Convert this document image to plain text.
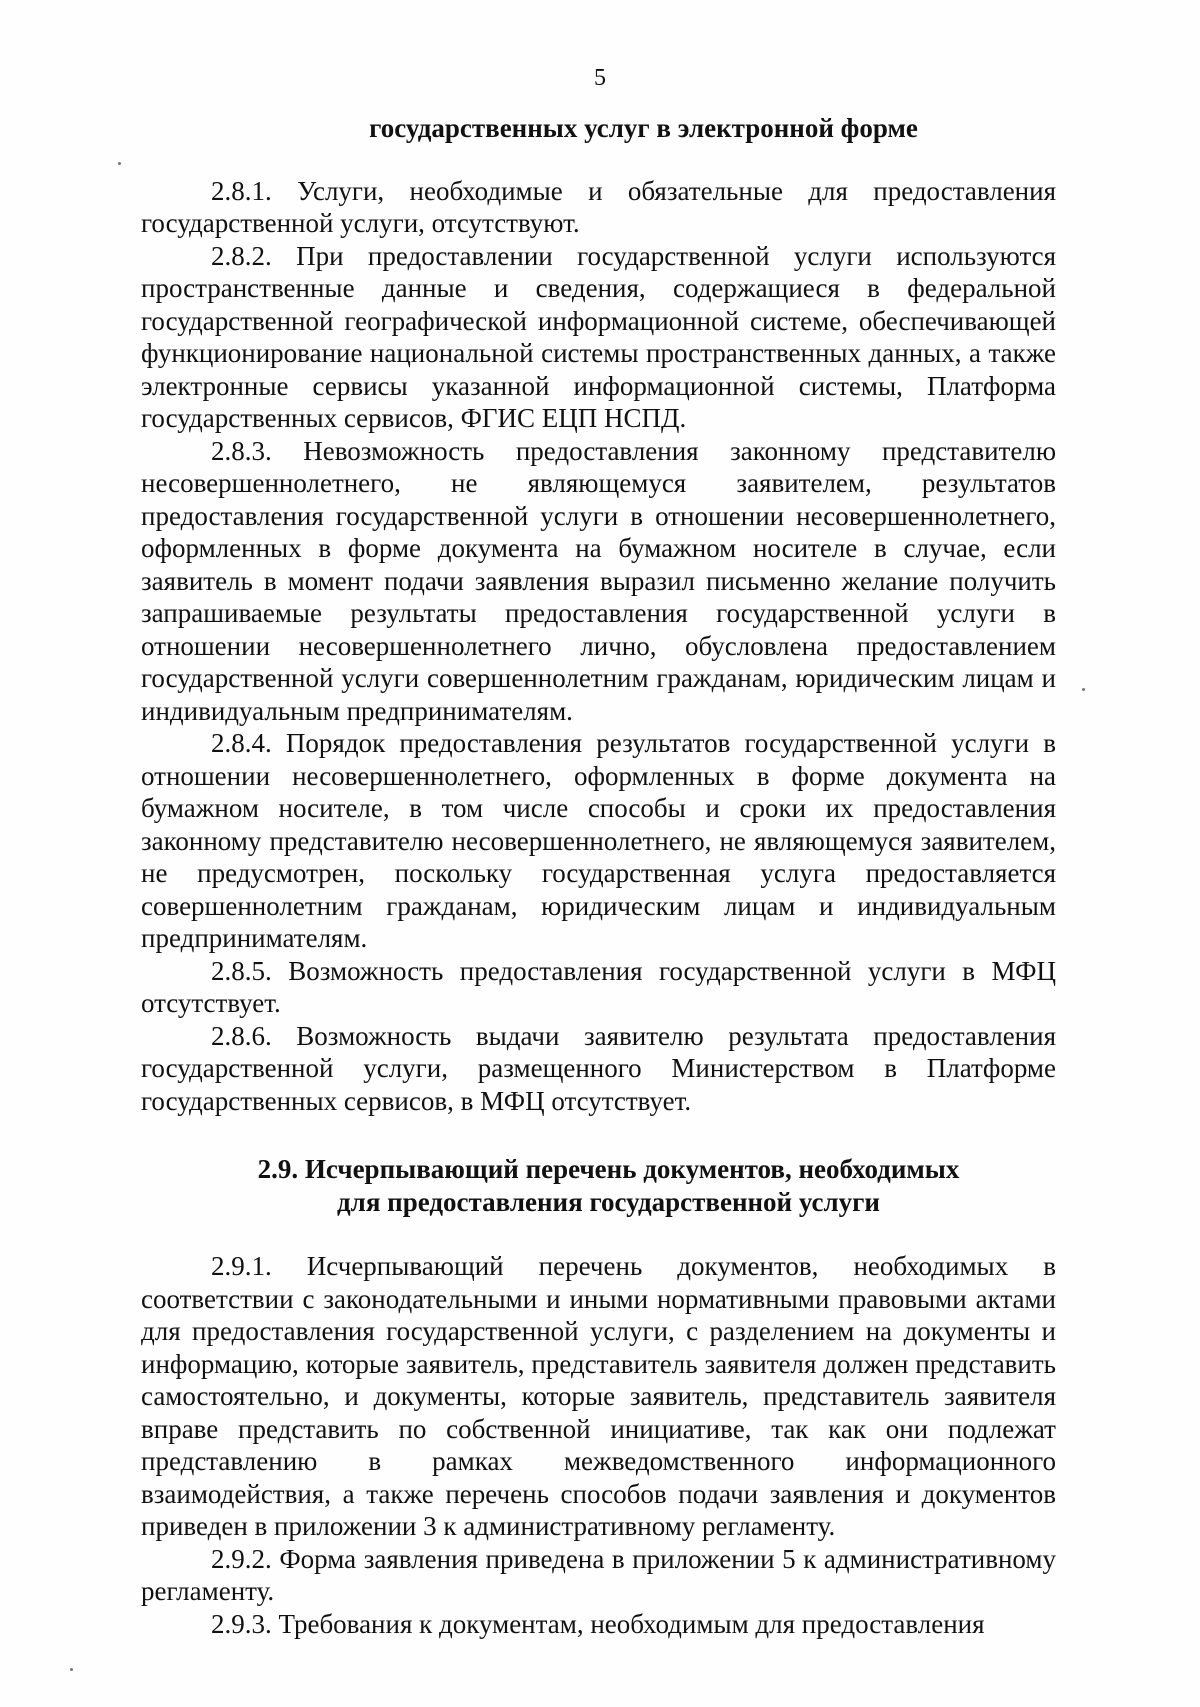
5

государственных услуг в электронной форме

2.8.1. Услуги, необходимые и обязательные для предоставления государственной услуги, отсутствуют.

2.8.2. При предоставлении государственной услуги используются пространственные данные и сведения, содержащиеся в федеральной государственной географической информационной системе, обеспечивающей функционирование национальной системы пространственных данных, а также электронные сервисы указанной информационной системы, Платформа государственных сервисов, ФГИС ЕЦП НСПД.

2.8.3. Невозможность предоставления законному представителю несовершеннолетнего, не являющемуся заявителем, результатов предоставления государственной услуги в отношении несовершеннолетнего, оформленных в форме документа на бумажном носителе в случае, если заявитель в момент подачи заявления выразил письменно желание получить запрашиваемые результаты предоставления государственной услуги в отношении несовершеннолетнего лично, обусловлена предоставлением государственной услуги совершеннолетним гражданам, юридическим лицам и индивидуальным предпринимателям.

2.8.4. Порядок предоставления результатов государственной услуги в отношении несовершеннолетнего, оформленных в форме документа на бумажном носителе, в том числе способы и сроки их предоставления законному представителю несовершеннолетнего, не являющемуся заявителем, не предусмотрен, поскольку государственная услуга предоставляется совершеннолетним гражданам, юридическим лицам и индивидуальным предпринимателям.

2.8.5. Возможность предоставления государственной услуги в МФЦ отсутствует.

2.8.6. Возможность выдачи заявителю результата предоставления государственной услуги, размещенного Министерством в Платформе государственных сервисов, в МФЦ отсутствует.

2.9. Исчерпывающий перечень документов, необходимых
для предоставления государственной услуги

2.9.1. Исчерпывающий перечень документов, необходимых в соответствии с законодательными и иными нормативными правовыми актами для предоставления государственной услуги, с разделением на документы и информацию, которые заявитель, представитель заявителя должен представить самостоятельно, и документы, которые заявитель, представитель заявителя вправе представить по собственной инициативе, так как они подлежат представлению в рамках межведомственного информационного взаимодействия, а также перечень способов подачи заявления и документов приведен в приложении 3 к административному регламенту.

2.9.2. Форма заявления приведена в приложении 5 к административному регламенту.

2.9.3. Требования к документам, необходимым для предоставления
